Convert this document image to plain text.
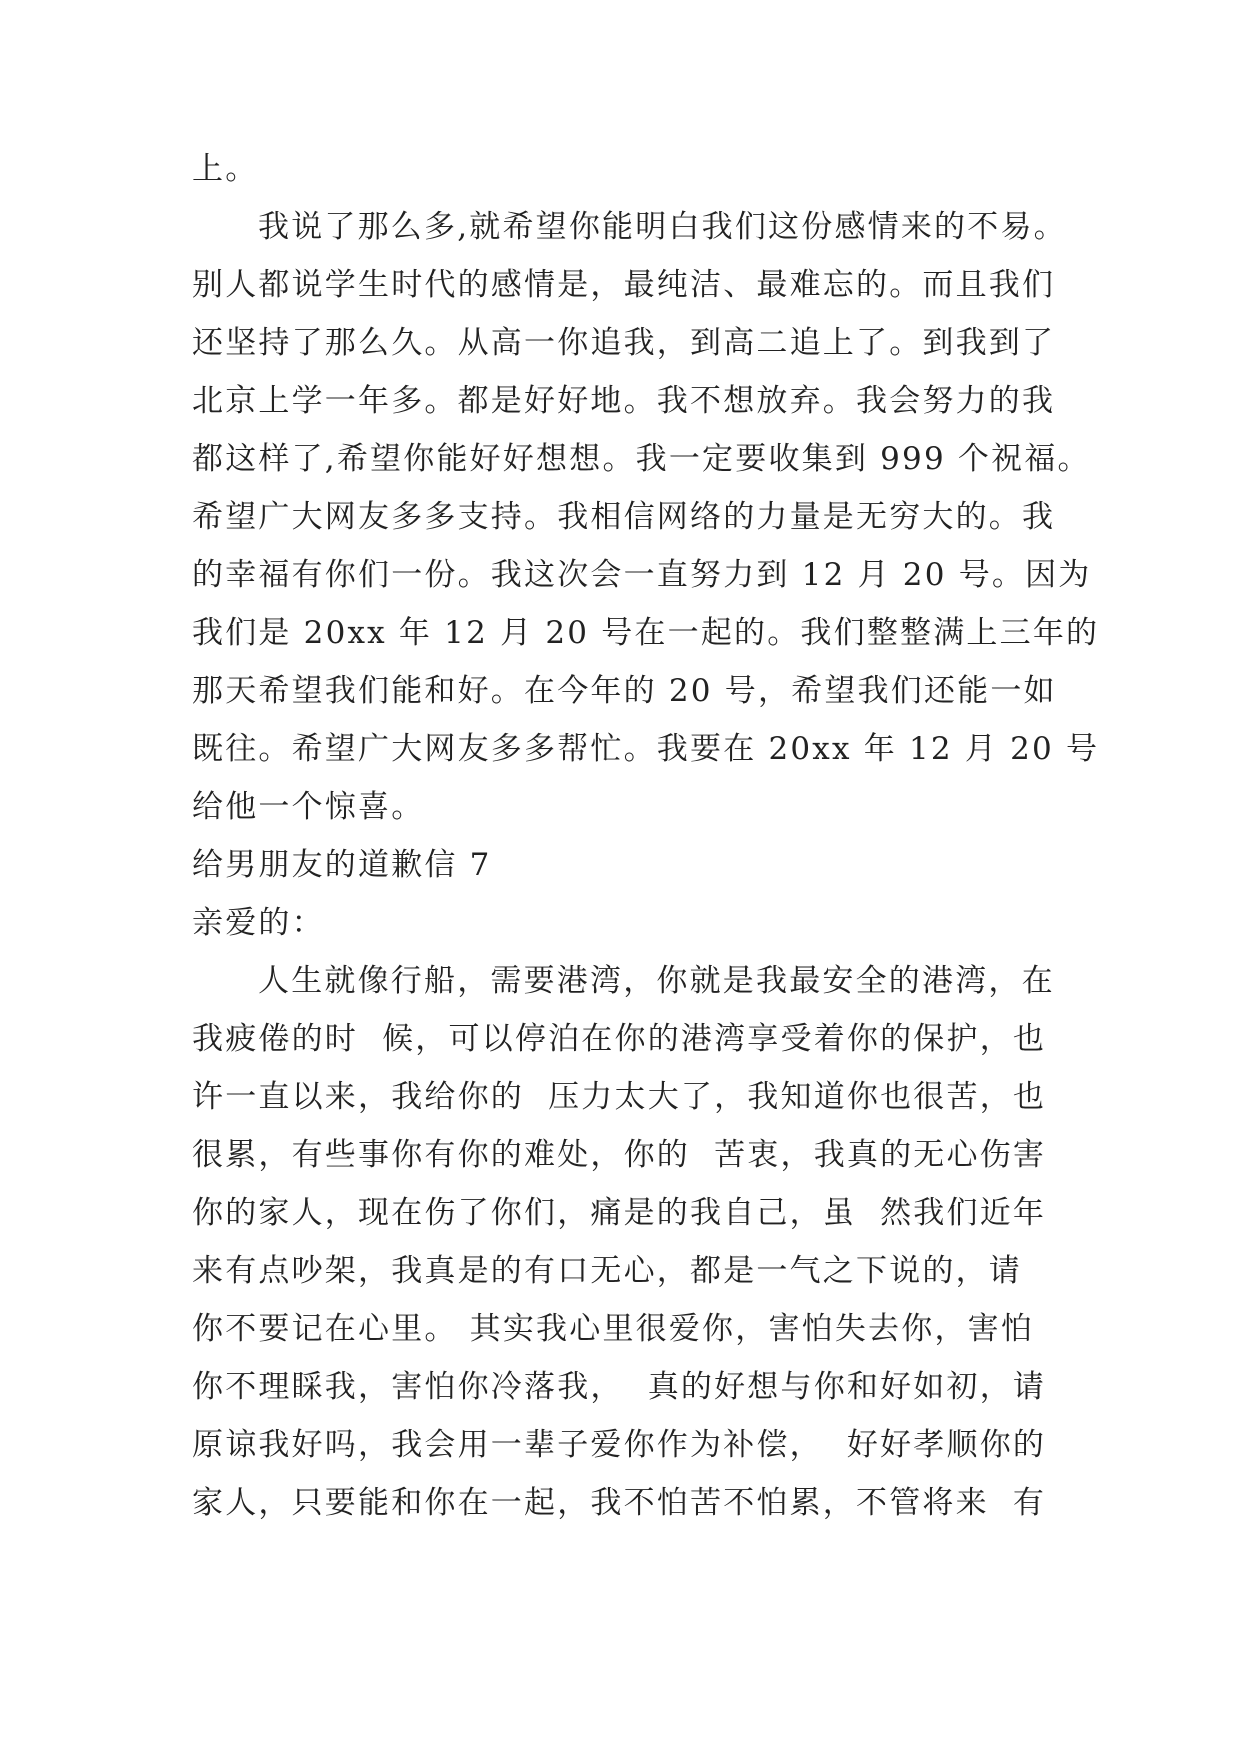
上。
我说了那么多,就希望你能明白我们这份感情来的不易。
别人都说学生时代的感情是，最纯洁、最难忘的。而且我们
还坚持了那么久。从高一你追我，到高二追上了。到我到了
北京上学一年多。都是好好地。我不想放弃。我会努力的我
都这样了,希望你能好好想想。我一定要收集到 999 个祝福。
希望广大网友多多支持。我相信网络的力量是无穷大的。我
的幸福有你们一份。我这次会一直努力到 12 月 20 号。因为
我们是 20xx 年 12 月 20 号在一起的。我们整整满上三年的
那天希望我们能和好。在今年的 20 号，希望我们还能一如
既往。希望广大网友多多帮忙。我要在 20xx 年 12 月 20 号
给他一个惊喜。
给男朋友的道歉信 7
亲爱的：
人生就像行船，需要港湾，你就是我最安全的港湾，在
我疲倦的时  候，可以停泊在你的港湾享受着你的保护，也
许一直以来，我给你的  压力太大了，我知道你也很苦，也
很累，有些事你有你的难处，你的  苦衷，我真的无心伤害
你的家人，现在伤了你们，痛是的我自己，虽  然我们近年
来有点吵架，我真是的有口无心，都是一气之下说的，请
你不要记在心里。 其实我心里很爱你，害怕失去你，害怕
你不理睬我，害怕你冷落我，  真的好想与你和好如初，请
原谅我好吗，我会用一辈子爱你作为补偿，  好好孝顺你的
家人，只要能和你在一起，我不怕苦不怕累，不管将来  有
